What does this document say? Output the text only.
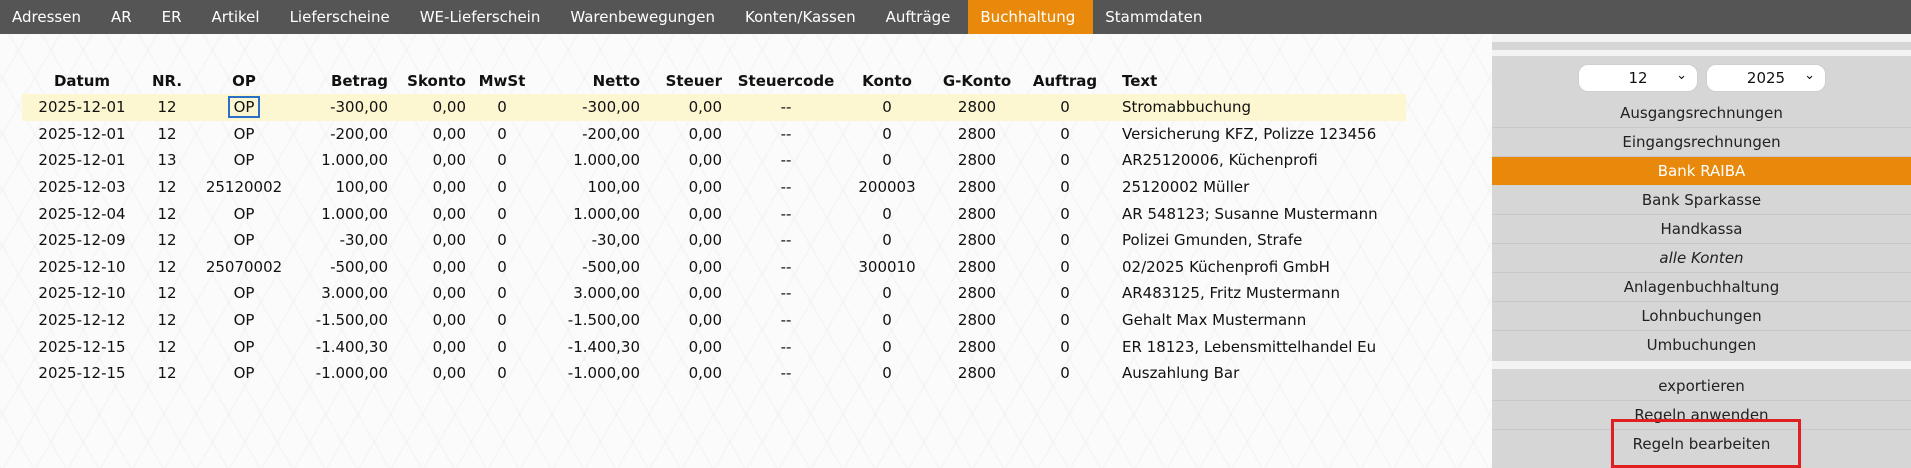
Adressen	AR	ER	Artikel	Lieferscheine	WE-Lieferschein	Warenbewegungen	Konten/Kassen	Aufträge	Buchhaltung	Stammdaten
Datum	NR.	OP	Betrag	Skonto	MwSt	Netto	Steuer	Steuercode	Konto	G-Konto	Auftrag	Text
2025-12-01	12	OP	-300,00	0,00	0	-300,00	0,00	--	0	2800	0	Stromabbuchung
2025-12-01	12	OP	-200,00	0,00	0	-200,00	0,00	--	0	2800	0	Versicherung KFZ, Polizze 123456
2025-12-01	13	OP	1.000,00	0,00	0	1.000,00	0,00	--	0	2800	0	AR25120006, Küchenprofi
2025-12-03	12	25120002	100,00	0,00	0	100,00	0,00	--	200003	2800	0	25120002 Müller
2025-12-04	12	OP	1.000,00	0,00	0	1.000,00	0,00	--	0	2800	0	AR 548123; Susanne Mustermann
2025-12-09	12	OP	-30,00	0,00	0	-30,00	0,00	--	0	2800	0	Polizei Gmunden, Strafe
2025-12-10	12	25070002	-500,00	0,00	0	-500,00	0,00	--	300010	2800	0	02/2025 Küchenprofi GmbH
2025-12-10	12	OP	3.000,00	0,00	0	3.000,00	0,00	--	0	2800	0	AR483125, Fritz Mustermann
2025-12-12	12	OP	-1.500,00	0,00	0	-1.500,00	0,00	--	0	2800	0	Gehalt Max Mustermann
2025-12-15	12	OP	-1.400,30	0,00	0	-1.400,30	0,00	--	0	2800	0	ER 18123, Lebensmittelhandel Eu
2025-12-15	12	OP	-1.000,00	0,00	0	-1.000,00	0,00	--	0	2800	0	Auszahlung Bar
12 ⌄	2025 ⌄
Ausgangsrechnungen
Eingangsrechnungen
Bank RAIBA
Bank Sparkasse
Handkassa
alle Konten
Anlagenbuchhaltung
Lohnbuchungen
Umbuchungen
exportieren
Regeln anwenden
Regeln bearbeiten
